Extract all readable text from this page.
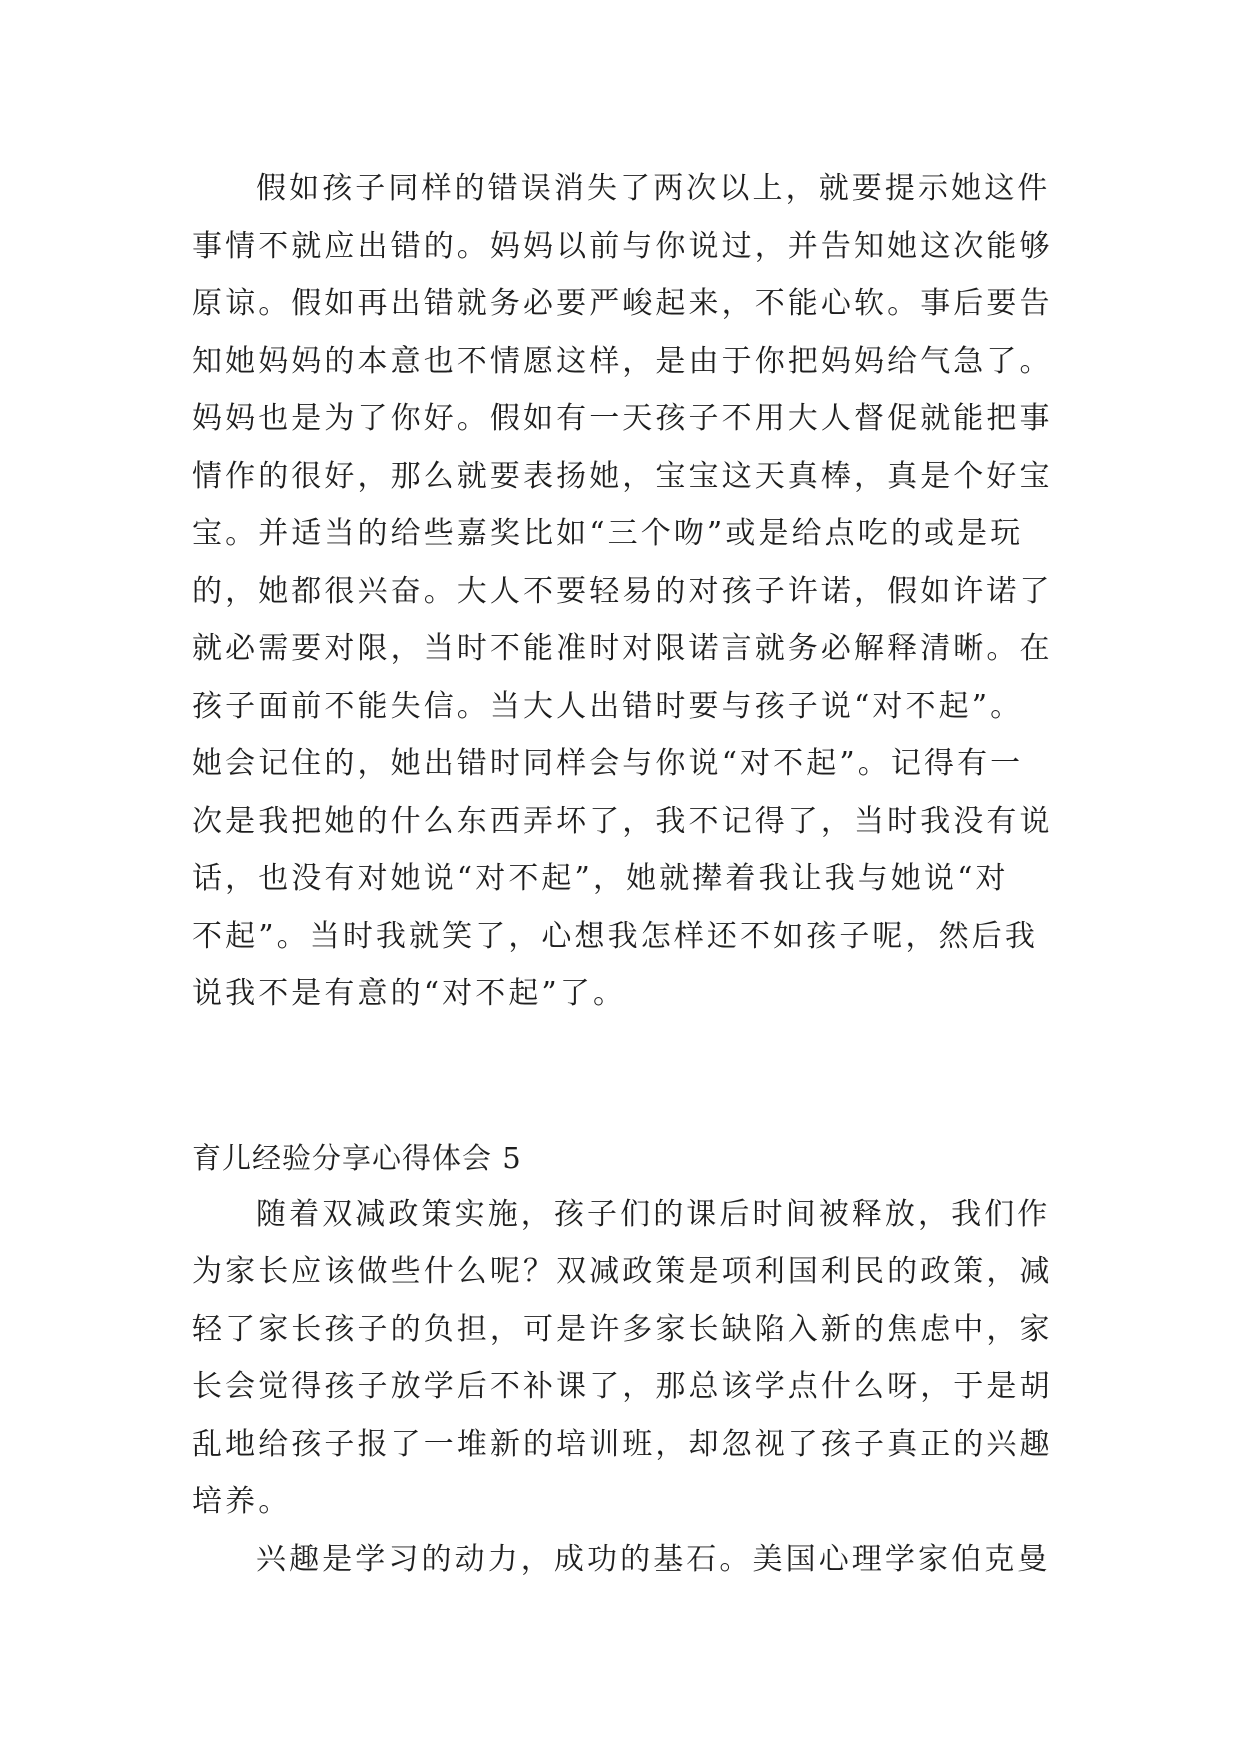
假如孩子同样的错误消失了两次以上，就要提示她这件
事情不就应出错的。妈妈以前与你说过，并告知她这次能够
原谅。假如再出错就务必要严峻起来，不能心软。事后要告
知她妈妈的本意也不情愿这样，是由于你把妈妈给气急了。
妈妈也是为了你好。假如有一天孩子不用大人督促就能把事
情作的很好，那么就要表扬她，宝宝这天真棒，真是个好宝
宝。并适当的给些嘉奖比如“三个吻”或是给点吃的或是玩
的，她都很兴奋。大人不要轻易的对孩子许诺，假如许诺了
就必需要对限，当时不能准时对限诺言就务必解释清晰。在
孩子面前不能失信。当大人出错时要与孩子说“对不起”。
她会记住的，她出错时同样会与你说“对不起”。记得有一
次是我把她的什么东西弄坏了，我不记得了，当时我没有说
话，也没有对她说“对不起”，她就撵着我让我与她说“对
不起”。当时我就笑了，心想我怎样还不如孩子呢，然后我
说我不是有意的“对不起”了。
育儿经验分享心得体会 5
随着双减政策实施，孩子们的课后时间被释放，我们作
为家长应该做些什么呢？双减政策是项利国利民的政策，减
轻了家长孩子的负担，可是许多家长缺陷入新的焦虑中，家
长会觉得孩子放学后不补课了，那总该学点什么呀，于是胡
乱地给孩子报了一堆新的培训班，却忽视了孩子真正的兴趣
培养。
兴趣是学习的动力，成功的基石。美国心理学家伯克曼
